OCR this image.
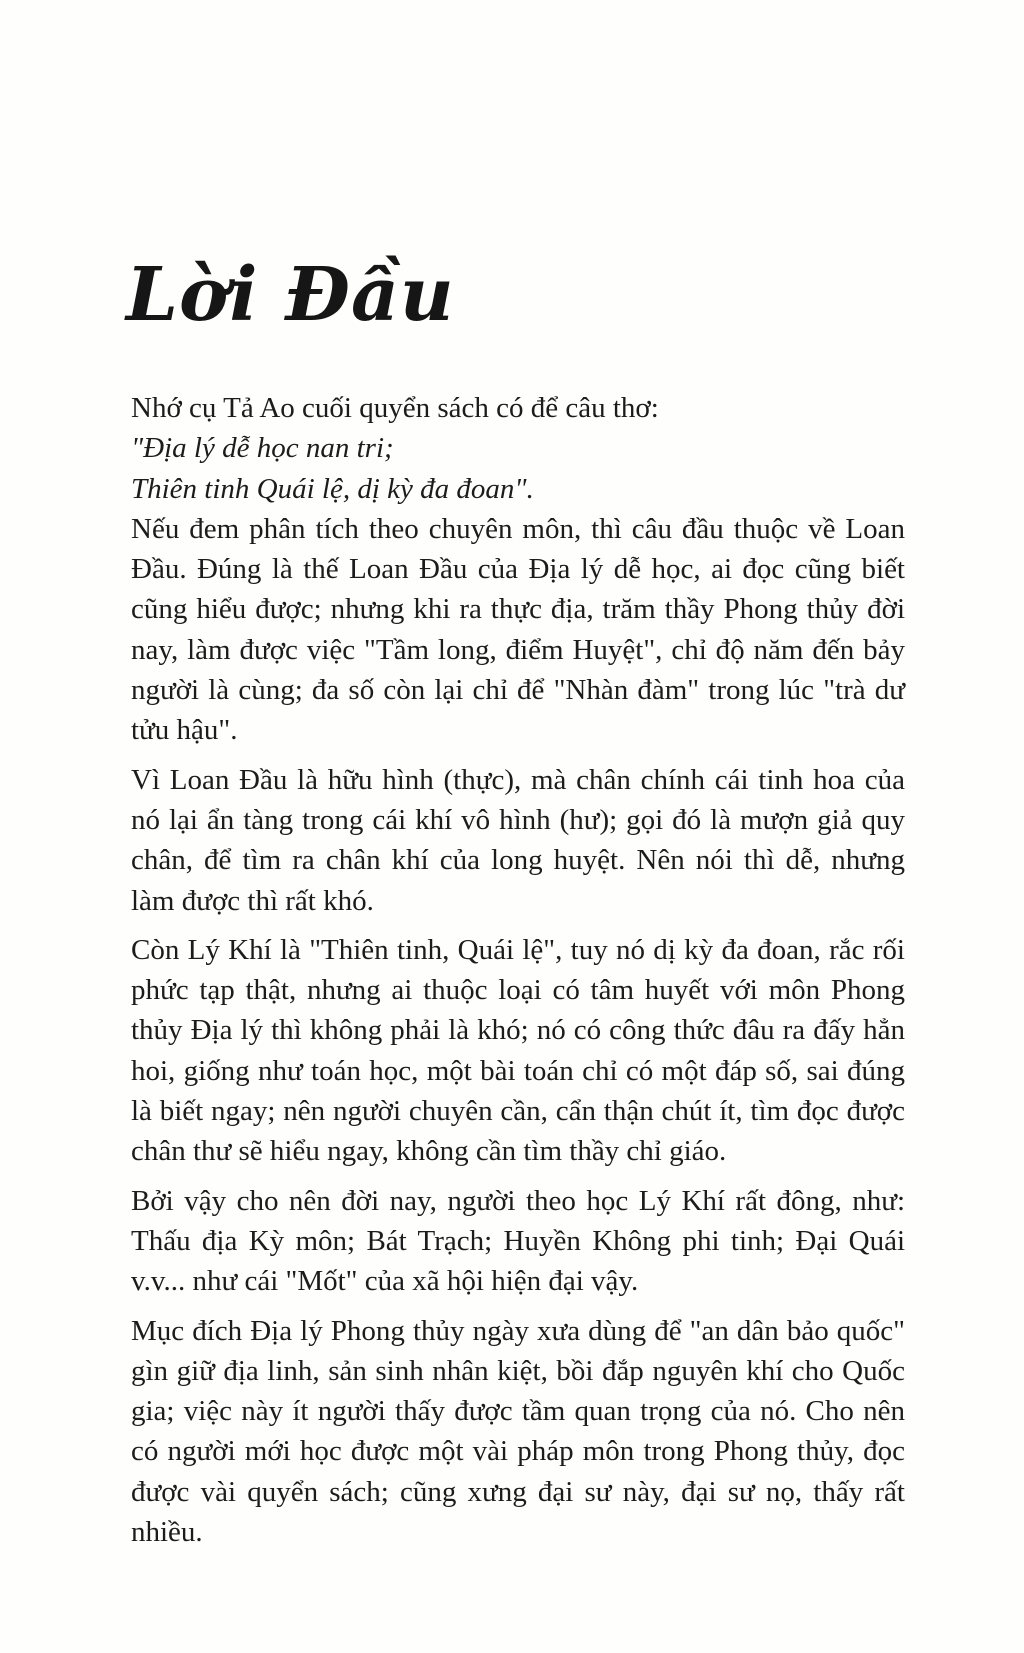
Lời Đầu

Nhớ cụ Tả Ao cuối quyển sách có để câu thơ:

"Địa lý dễ học nan tri;

Thiên tinh Quái lệ, dị kỳ đa đoan".

Nếu đem phân tích theo chuyên môn, thì câu đầu thuộc về Loan Đầu. Đúng là thế Loan Đầu của Địa lý dễ học, ai đọc cũng biết cũng hiểu được; nhưng khi ra thực địa, trăm thầy Phong thủy đời nay, làm được việc "Tầm long, điểm Huyệt", chỉ độ năm đến bảy người là cùng; đa số còn lại chỉ để "Nhàn đàm" trong lúc "trà dư tửu hậu".

Vì Loan Đầu là hữu hình (thực), mà chân chính cái tinh hoa của nó lại ẩn tàng trong cái khí vô hình (hư); gọi đó là mượn giả quy chân, để tìm ra chân khí của long huyệt. Nên nói thì dễ, nhưng làm được thì rất khó.

Còn Lý Khí là "Thiên tinh, Quái lệ", tuy nó dị kỳ đa đoan, rắc rối phức tạp thật, nhưng ai thuộc loại có tâm huyết với môn Phong thủy Địa lý thì không phải là khó; nó có công thức đâu ra đấy hẳn hoi, giống như toán học, một bài toán chỉ có một đáp số, sai đúng là biết ngay; nên người chuyên cần, cẩn thận chút ít, tìm đọc được chân thư sẽ hiểu ngay, không cần tìm thầy chỉ giáo.

Bởi vậy cho nên đời nay, người theo học Lý Khí rất đông, như: Thấu địa Kỳ môn; Bát Trạch; Huyền Không phi tinh; Đại Quái v.v... như cái "Mốt" của xã hội hiện đại vậy.

Mục đích Địa lý Phong thủy ngày xưa dùng để "an dân bảo quốc" gìn giữ địa linh, sản sinh nhân kiệt, bồi đắp nguyên khí cho Quốc gia; việc này ít người thấy được tầm quan trọng của nó. Cho nên có người mới học được một vài pháp môn trong Phong thủy, đọc được vài quyển sách; cũng xưng đại sư này, đại sư nọ, thấy rất nhiều.
